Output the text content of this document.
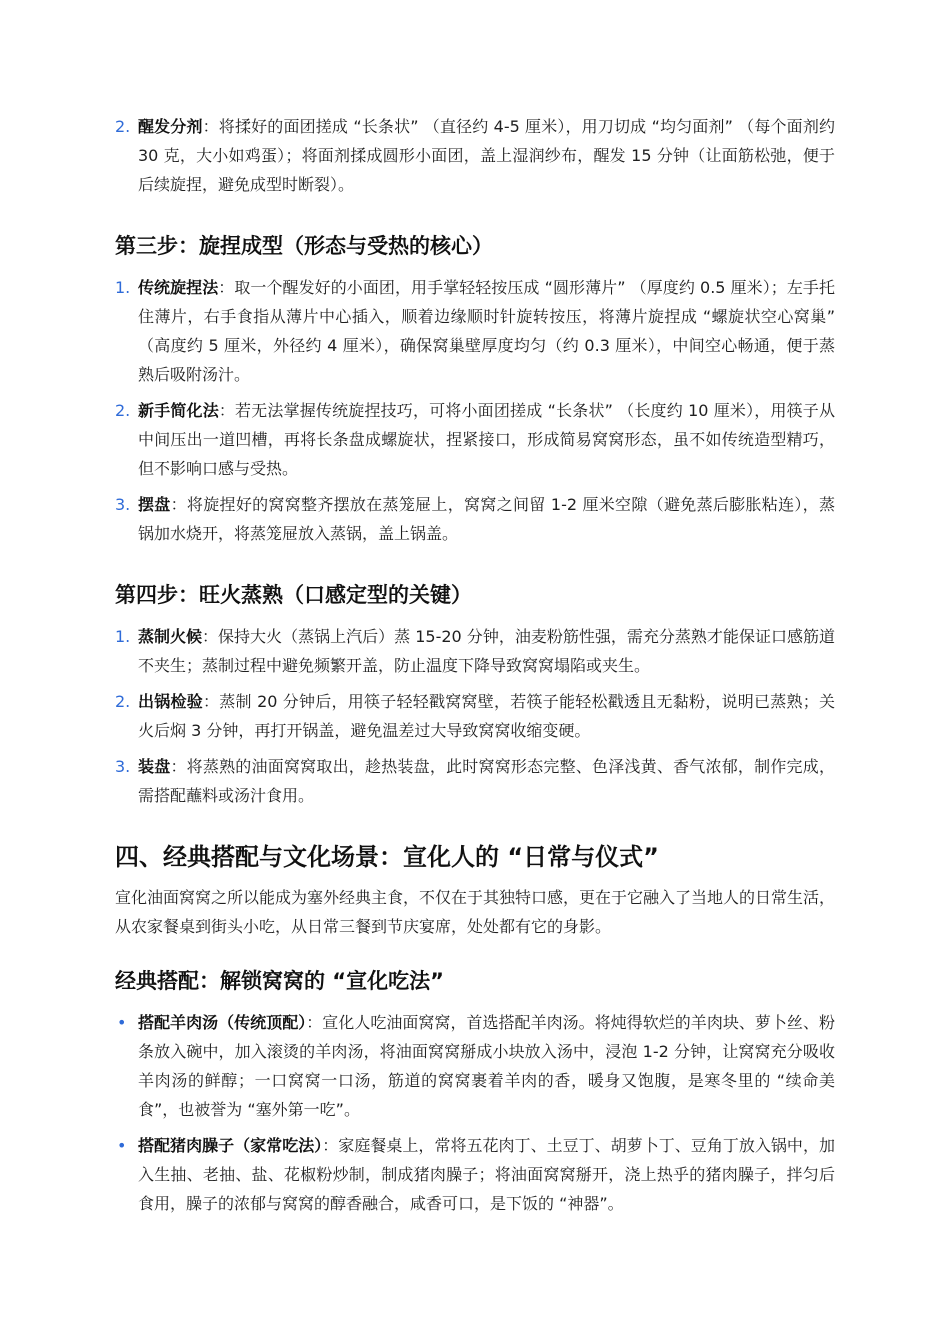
2. 醒发分剂：将揉好的面团搓成 “长条状” （直径约 4-5 厘米），用刀切成 “均匀面剂” （每个面剂约 30 克，大小如鸡蛋）；将面剂揉成圆形小面团，盖上湿润纱布，醒发 15 分钟（让面筋松弛，便于后续旋捏，避免成型时断裂）。
第三步：旋捏成型（形态与受热的核心）
1. 传统旋捏法：取一个醒发好的小面团，用手掌轻轻按压成 “圆形薄片” （厚度约 0.5 厘米）；左手托住薄片，右手食指从薄片中心插入，顺着边缘顺时针旋转按压，将薄片旋捏成 “螺旋状空心窝巢” （高度约 5 厘米，外径约 4 厘米），确保窝巢壁厚度均匀（约 0.3 厘米），中间空心畅通，便于蒸熟后吸附汤汁。
2. 新手简化法：若无法掌握传统旋捏技巧，可将小面团搓成 “长条状” （长度约 10 厘米），用筷子从中间压出一道凹槽，再将长条盘成螺旋状，捏紧接口，形成简易窝窝形态，虽不如传统造型精巧，但不影响口感与受热。
3. 摆盘：将旋捏好的窝窝整齐摆放在蒸笼屉上，窝窝之间留 1-2 厘米空隙（避免蒸后膨胀粘连），蒸锅加水烧开，将蒸笼屉放入蒸锅，盖上锅盖。
第四步：旺火蒸熟（口感定型的关键）
1. 蒸制火候：保持大火（蒸锅上汽后）蒸 15-20 分钟，油麦粉筋性强，需充分蒸熟才能保证口感筋道不夹生；蒸制过程中避免频繁开盖，防止温度下降导致窝窝塌陷或夹生。
2. 出锅检验：蒸制 20 分钟后，用筷子轻轻戳窝窝壁，若筷子能轻松戳透且无黏粉，说明已蒸熟；关火后焖 3 分钟，再打开锅盖，避免温差过大导致窝窝收缩变硬。
3. 装盘：将蒸熟的油面窝窝取出，趁热装盘，此时窝窝形态完整、色泽浅黄、香气浓郁，制作完成，需搭配蘸料或汤汁食用。
四、经典搭配与文化场景：宣化人的 “日常与仪式”

宣化油面窝窝之所以能成为塞外经典主食，不仅在于其独特口感，更在于它融入了当地人的日常生活，从农家餐桌到街头小吃，从日常三餐到节庆宴席，处处都有它的身影。

经典搭配：解锁窝窝的 “宣化吃法”
• 搭配羊肉汤（传统顶配）：宣化人吃油面窝窝，首选搭配羊肉汤。将炖得软烂的羊肉块、萝卜丝、粉条放入碗中，加入滚烫的羊肉汤，将油面窝窝掰成小块放入汤中，浸泡 1-2 分钟，让窝窝充分吸收羊肉汤的鲜醇；一口窝窝一口汤，筋道的窝窝裹着羊肉的香，暖身又饱腹，是寒冬里的 “续命美食”，也被誉为 “塞外第一吃”。
• 搭配猪肉臊子（家常吃法）：家庭餐桌上，常将五花肉丁、土豆丁、胡萝卜丁、豆角丁放入锅中，加入生抽、老抽、盐、花椒粉炒制，制成猪肉臊子；将油面窝窝掰开，浇上热乎的猪肉臊子，拌匀后食用，臊子的浓郁与窝窝的醇香融合，咸香可口，是下饭的 “神器”。
